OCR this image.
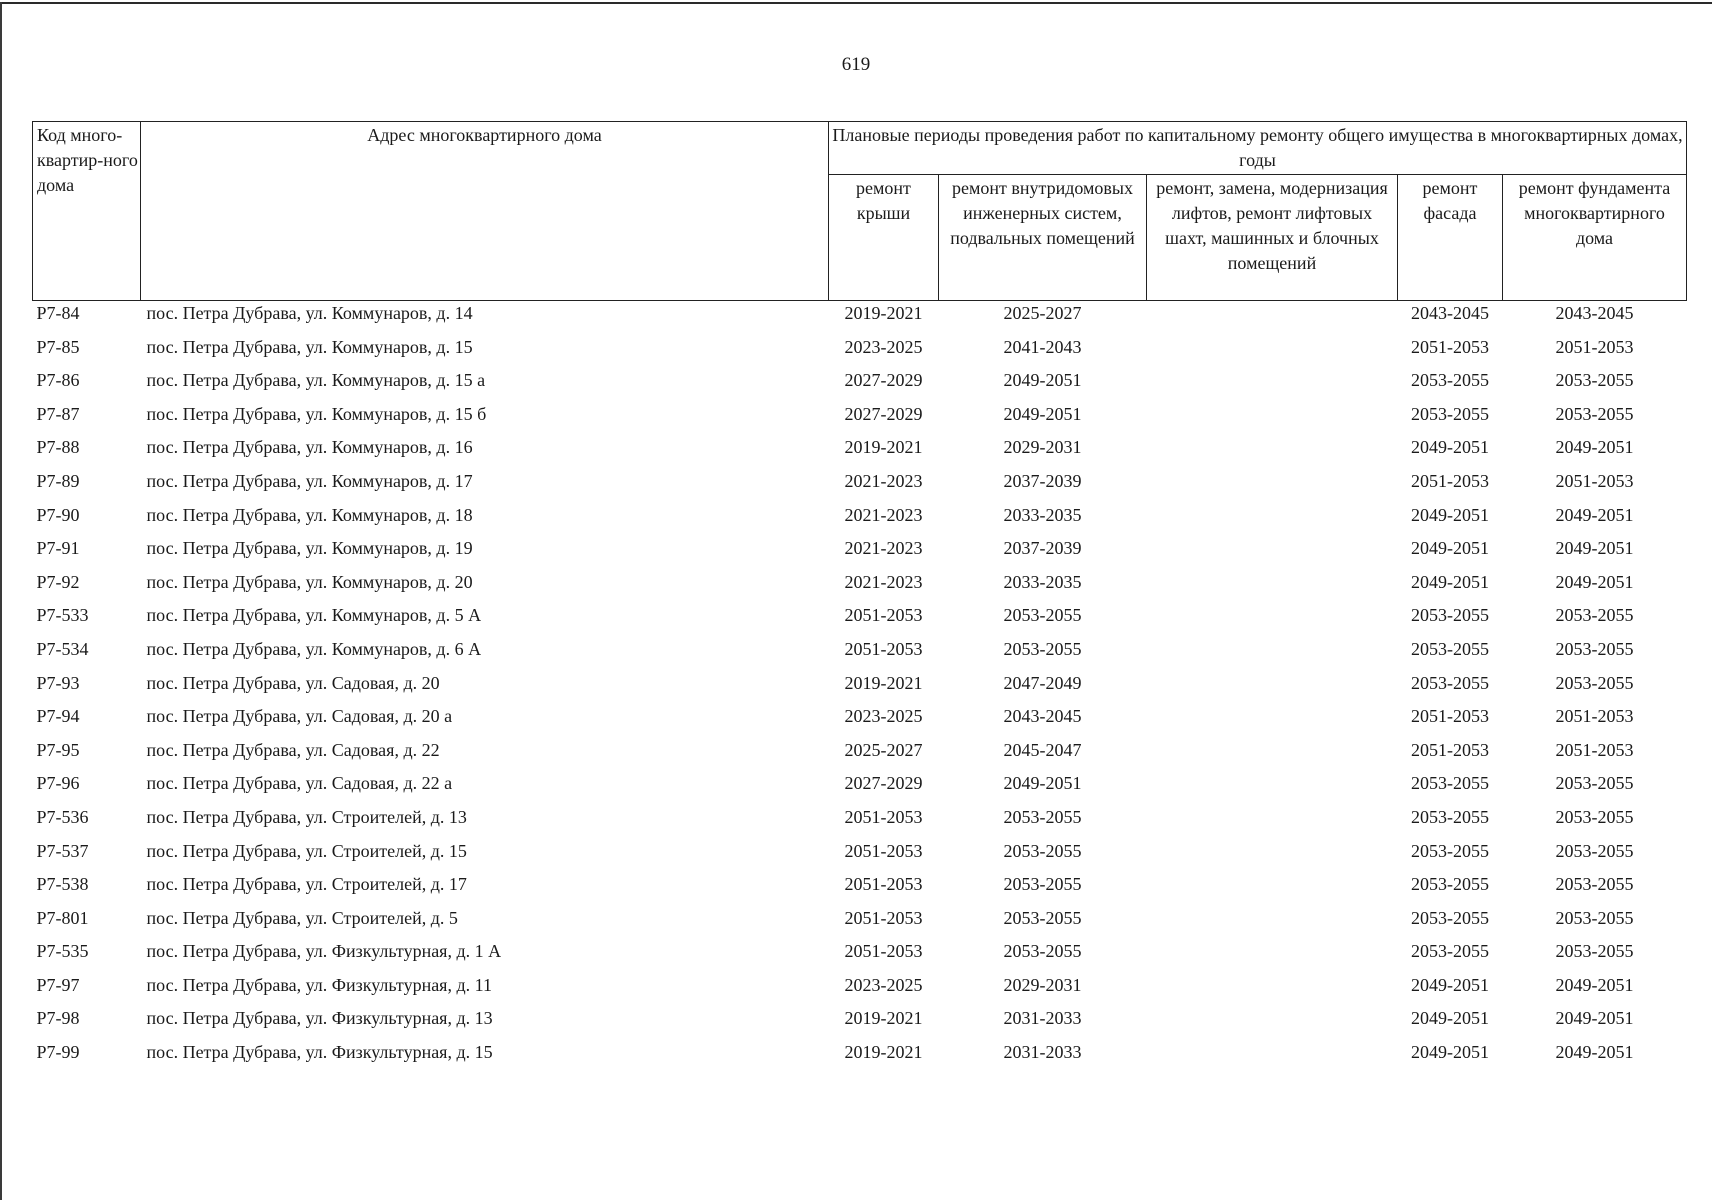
619
Код много-квартир-ного дома	Адрес многоквартирного дома	Плановые периоды проведения работ по капитальному ремонту общего имущества в многоквартирных домах, годы				
		ремонт крыши	ремонт внутридомовых инженерных систем, подвальных помещений	ремонт, замена, модернизация лифтов, ремонт лифтовых шахт, машинных и блочных помещений	ремонт фасада	ремонт фундамента многоквартирного дома
Р7-84	пос. Петра Дубрава, ул. Коммунаров, д. 14	2019-2021	2025-2027		2043-2045	2043-2045
Р7-85	пос. Петра Дубрава, ул. Коммунаров, д. 15	2023-2025	2041-2043		2051-2053	2051-2053
Р7-86	пос. Петра Дубрава, ул. Коммунаров, д. 15 а	2027-2029	2049-2051		2053-2055	2053-2055
Р7-87	пос. Петра Дубрава, ул. Коммунаров, д. 15 б	2027-2029	2049-2051		2053-2055	2053-2055
Р7-88	пос. Петра Дубрава, ул. Коммунаров, д. 16	2019-2021	2029-2031		2049-2051	2049-2051
Р7-89	пос. Петра Дубрава, ул. Коммунаров, д. 17	2021-2023	2037-2039		2051-2053	2051-2053
Р7-90	пос. Петра Дубрава, ул. Коммунаров, д. 18	2021-2023	2033-2035		2049-2051	2049-2051
Р7-91	пос. Петра Дубрава, ул. Коммунаров, д. 19	2021-2023	2037-2039		2049-2051	2049-2051
Р7-92	пос. Петра Дубрава, ул. Коммунаров, д. 20	2021-2023	2033-2035		2049-2051	2049-2051
Р7-533	пос. Петра Дубрава, ул. Коммунаров, д. 5 А	2051-2053	2053-2055		2053-2055	2053-2055
Р7-534	пос. Петра Дубрава, ул. Коммунаров, д. 6 А	2051-2053	2053-2055		2053-2055	2053-2055
Р7-93	пос. Петра Дубрава, ул. Садовая, д. 20	2019-2021	2047-2049		2053-2055	2053-2055
Р7-94	пос. Петра Дубрава, ул. Садовая, д. 20 а	2023-2025	2043-2045		2051-2053	2051-2053
Р7-95	пос. Петра Дубрава, ул. Садовая, д. 22	2025-2027	2045-2047		2051-2053	2051-2053
Р7-96	пос. Петра Дубрава, ул. Садовая, д. 22 а	2027-2029	2049-2051		2053-2055	2053-2055
Р7-536	пос. Петра Дубрава, ул. Строителей, д. 13	2051-2053	2053-2055		2053-2055	2053-2055
Р7-537	пос. Петра Дубрава, ул. Строителей, д. 15	2051-2053	2053-2055		2053-2055	2053-2055
Р7-538	пос. Петра Дубрава, ул. Строителей, д. 17	2051-2053	2053-2055		2053-2055	2053-2055
Р7-801	пос. Петра Дубрава, ул. Строителей, д. 5	2051-2053	2053-2055		2053-2055	2053-2055
Р7-535	пос. Петра Дубрава, ул. Физкультурная, д. 1 А	2051-2053	2053-2055		2053-2055	2053-2055
Р7-97	пос. Петра Дубрава, ул. Физкультурная, д. 11	2023-2025	2029-2031		2049-2051	2049-2051
Р7-98	пос. Петра Дубрава, ул. Физкультурная, д. 13	2019-2021	2031-2033		2049-2051	2049-2051
Р7-99	пос. Петра Дубрава, ул. Физкультурная, д. 15	2019-2021	2031-2033		2049-2051	2049-2051
